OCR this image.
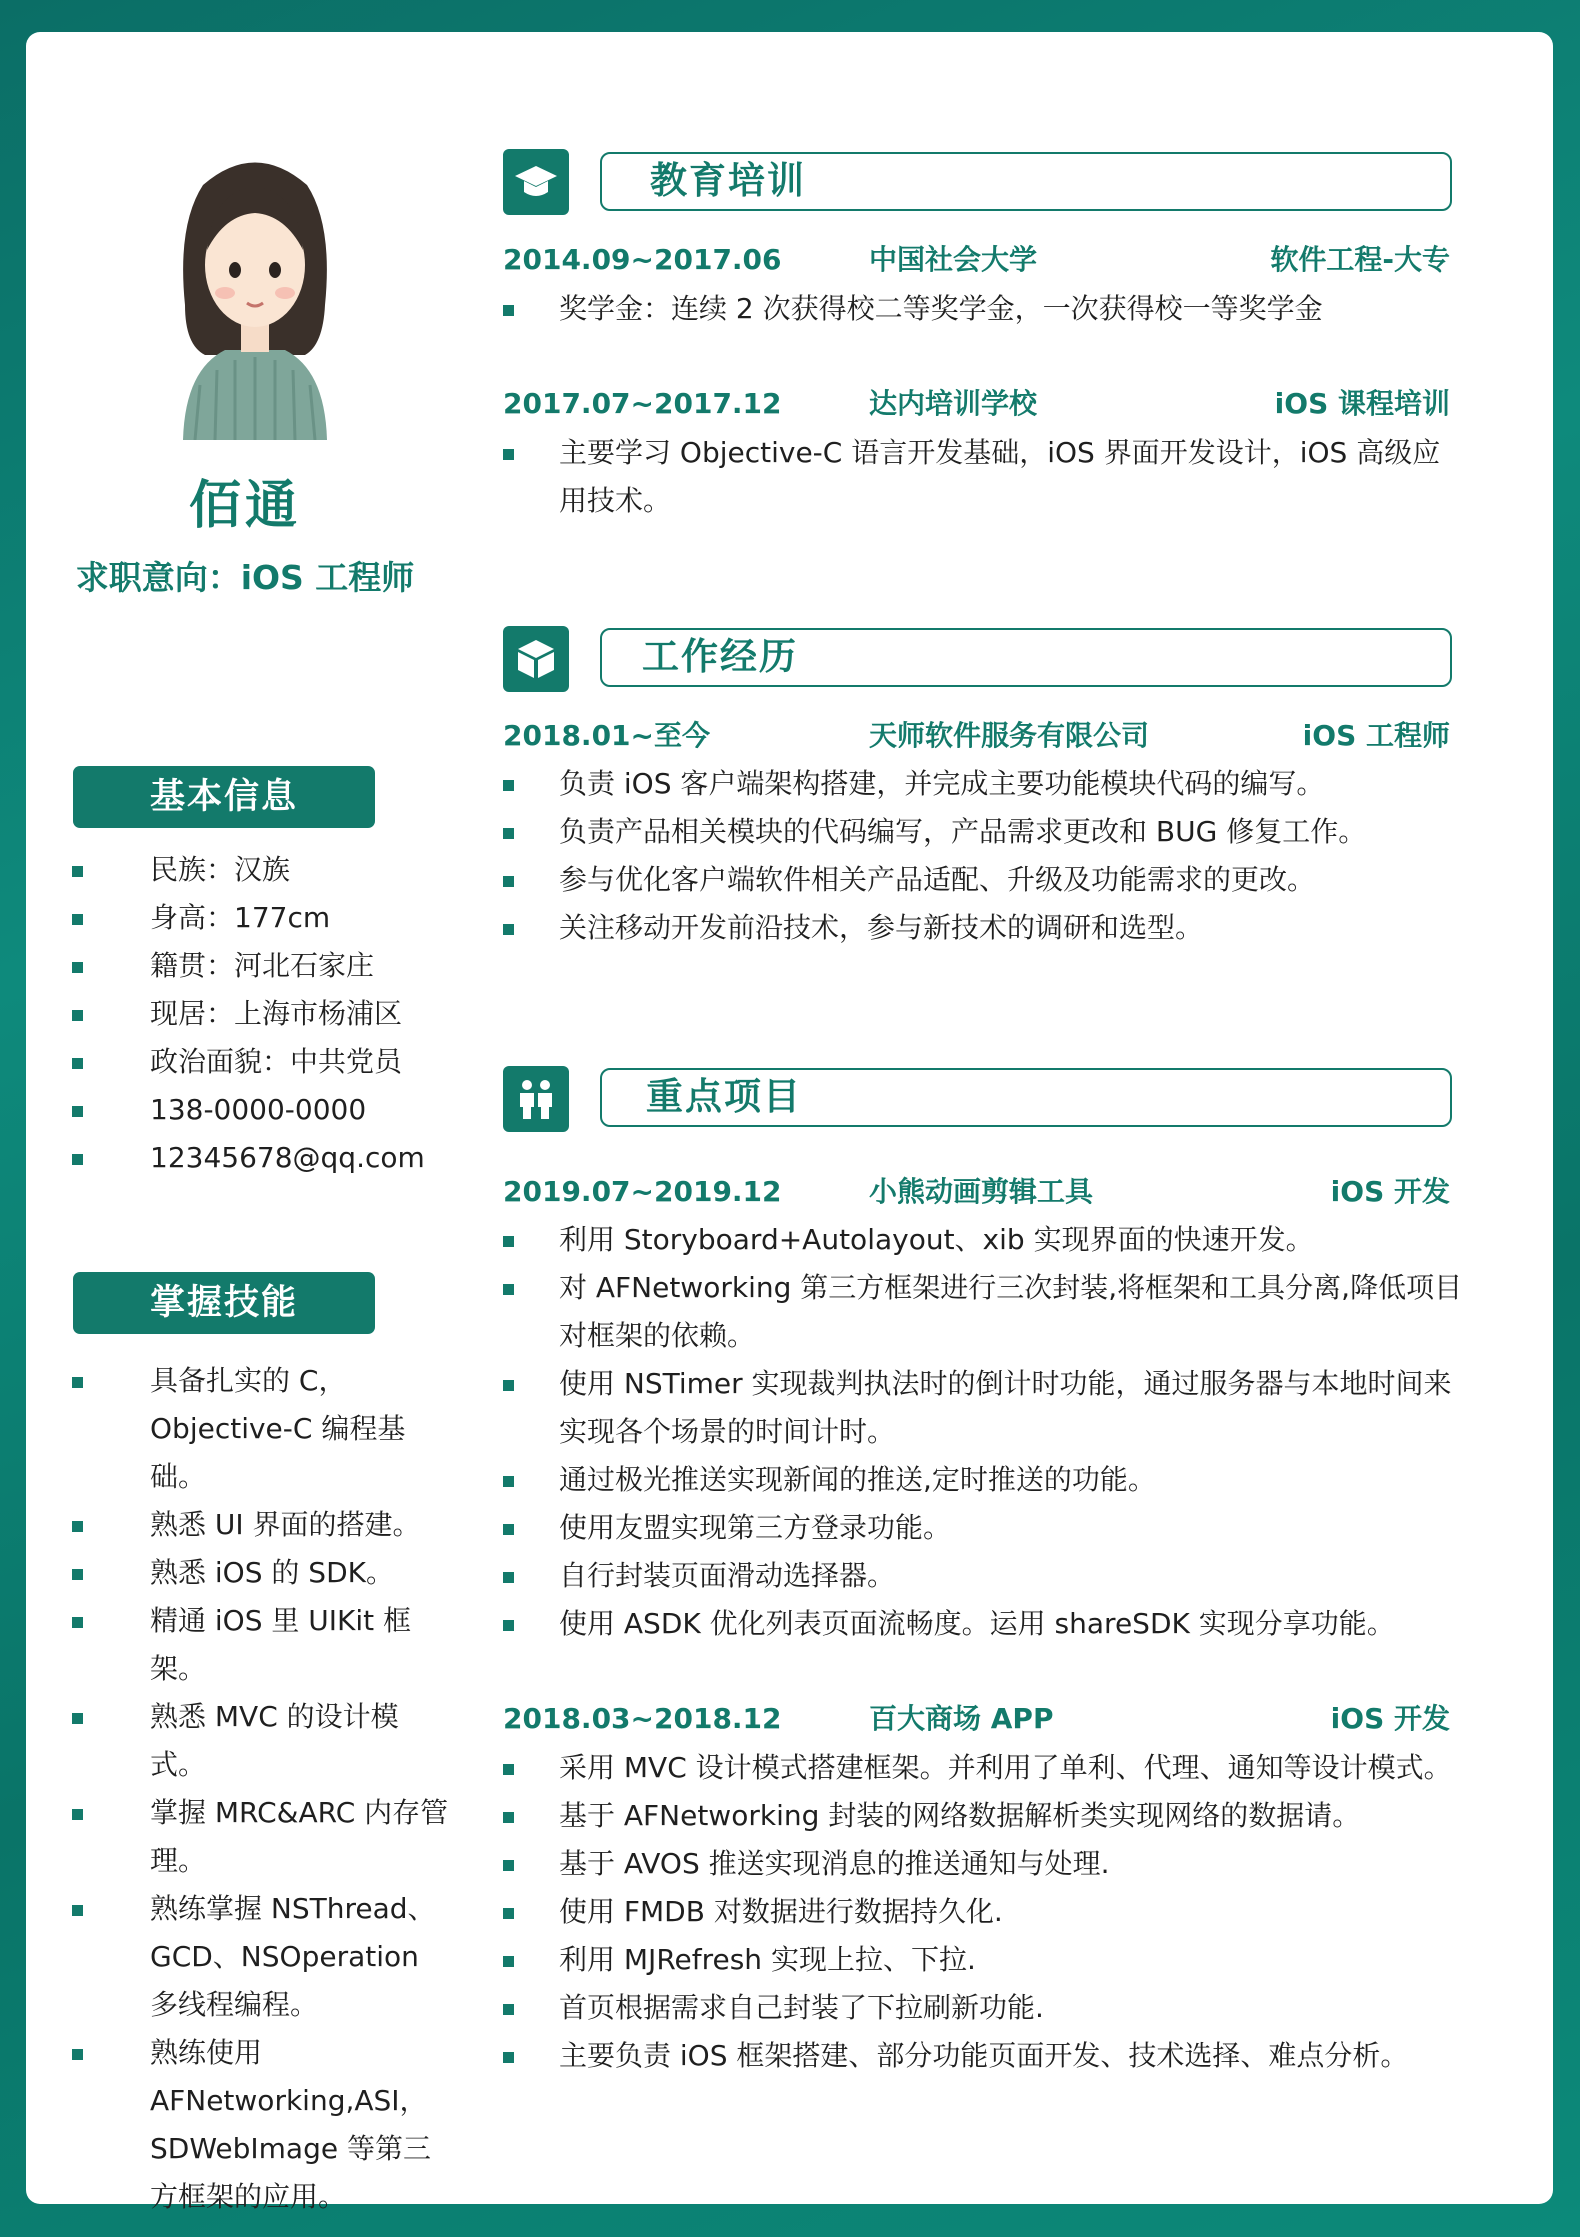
佰通
求职意向：iOS 工程师
基本信息
民族：汉族
身高：177cm
籍贯：河北石家庄
现居：上海市杨浦区
政治面貌：中共党员
138-0000-0000
12345678@qq.com
掌握技能
具备扎实的 C，Objective-C 编程基础。
熟悉 UI 界面的搭建。
熟悉 iOS 的 SDK。
精通 iOS 里 UIKit 框架。
熟悉 MVC 的设计模式。
掌握 MRC&ARC 内存管理。
熟练掌握 NSThread、GCD、NSOperation 多线程编程。
熟练使用 AFNetworking,ASI，SDWebImage 等第三方框架的应用。
教育培训
2014.09~2017.06	中国社会大学	软件工程-大专
奖学金：连续 2 次获得校二等奖学金，一次获得校一等奖学金
2017.07~2017.12	达内培训学校	iOS 课程培训
主要学习 Objective-C 语言开发基础，iOS 界面开发设计，iOS 高级应用技术。
工作经历
2018.01~至今	天师软件服务有限公司	iOS 工程师
负责 iOS 客户端架构搭建，并完成主要功能模块代码的编写。
负责产品相关模块的代码编写，产品需求更改和 BUG 修复工作。
参与优化客户端软件相关产品适配、升级及功能需求的更改。
关注移动开发前沿技术，参与新技术的调研和选型。
重点项目
2019.07~2019.12	小熊动画剪辑工具	iOS 开发
利用 Storyboard+Autolayout、xib 实现界面的快速开发。
对 AFNetworking 第三方框架进行三次封装,将框架和工具分离,降低项目对框架的依赖。
使用 NSTimer 实现裁判执法时的倒计时功能，通过服务器与本地时间来实现各个场景的时间计时。
通过极光推送实现新闻的推送,定时推送的功能。
使用友盟实现第三方登录功能。
自行封装页面滑动选择器。
使用 ASDK 优化列表页面流畅度。运用 shareSDK 实现分享功能。
2018.03~2018.12	百大商场 APP	iOS 开发
采用 MVC 设计模式搭建框架。并利用了单利、代理、通知等设计模式。
基于 AFNetworking 封装的网络数据解析类实现网络的数据请。
基于 AVOS 推送实现消息的推送通知与处理.
使用 FMDB 对数据进行数据持久化.
利用 MJRefresh 实现上拉、下拉.
首页根据需求自己封装了下拉刷新功能.
主要负责 iOS 框架搭建、部分功能页面开发、技术选择、难点分析。
